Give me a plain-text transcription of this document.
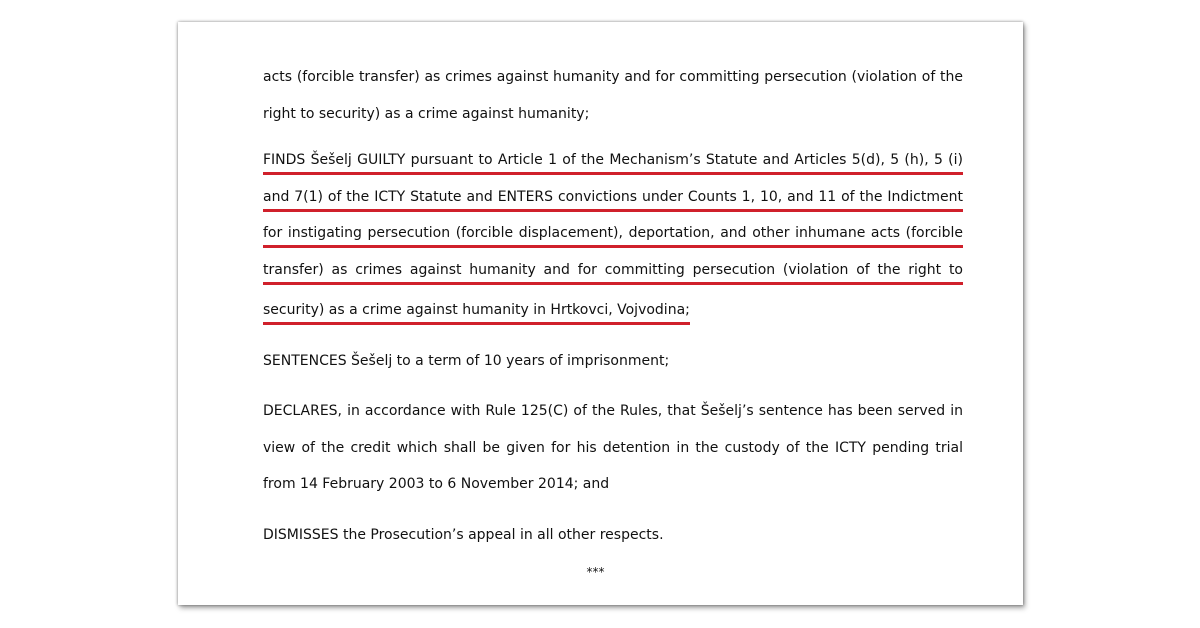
acts (forcible transfer) as crimes against humanity and for committing persecution (violation of the
right to security) as a crime against humanity;
FINDS Šešelj GUILTY pursuant to Article 1 of the Mechanism’s Statute and Articles 5(d), 5 (h), 5 (i)
and 7(1) of the ICTY Statute and ENTERS convictions under Counts 1, 10, and 11 of the Indictment
for instigating persecution (forcible displacement), deportation, and other inhumane acts (forcible
transfer) as crimes against humanity and for committing persecution (violation of the right to
security) as a crime against humanity in Hrtkovci, Vojvodina;
SENTENCES Šešelj to a term of 10 years of imprisonment;
DECLARES, in accordance with Rule 125(C) of the Rules, that Šešelj’s sentence has been served in
view of the credit which shall be given for his detention in the custody of the ICTY pending trial
from 14 February 2003 to 6 November 2014; and
DISMISSES the Prosecution’s appeal in all other respects.
***
